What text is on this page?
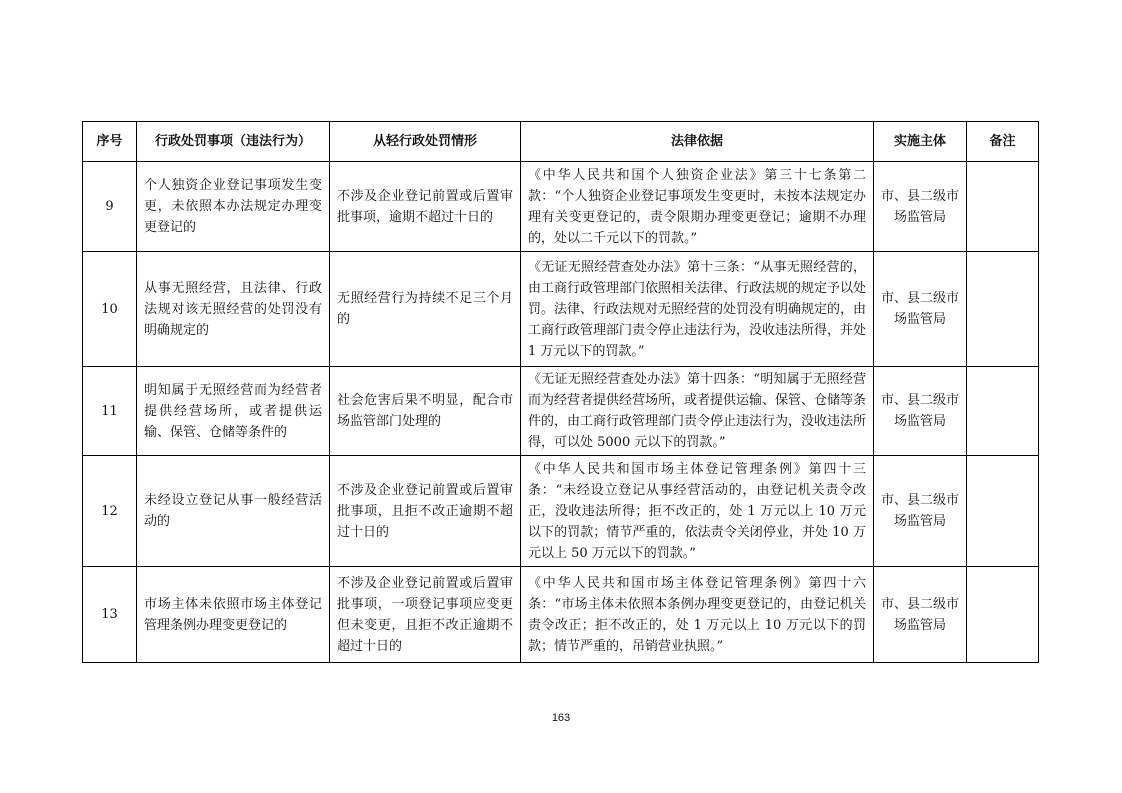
序号	行政处罚事项（违法行为）	从轻行政处罚情形	法律依据	实施主体	备注
9	个人独资企业登记事项发生变更，未依照本办法规定办理变更登记的	不涉及企业登记前置或后置审批事项，逾期不超过十日的	《中华人民共和国个人独资企业法》第三十七条第二款：“个人独资企业登记事项发生变更时，未按本法规定办理有关变更登记的，责令限期办理变更登记；逾期不办理的，处以二千元以下的罚款。”	市、县二级市场监管局	
10	从事无照经营，且法律、行政法规对该无照经营的处罚没有明确规定的	无照经营行为持续不足三个月的	《无证无照经营查处办法》第十三条：“从事无照经营的，由工商行政管理部门依照相关法律、行政法规的规定予以处罚。法律、行政法规对无照经营的处罚没有明确规定的，由工商行政管理部门责令停止违法行为，没收违法所得，并处 1 万元以下的罚款。”	市、县二级市场监管局	
11	明知属于无照经营而为经营者提供经营场所，或者提供运输、保管、仓储等条件的	社会危害后果不明显，配合市场监管部门处理的	《无证无照经营查处办法》第十四条：“明知属于无照经营而为经营者提供经营场所，或者提供运输、保管、仓储等条件的，由工商行政管理部门责令停止违法行为，没收违法所得，可以处 5000 元以下的罚款。”	市、县二级市场监管局	
12	未经设立登记从事一般经营活动的	不涉及企业登记前置或后置审批事项，且拒不改正逾期不超过十日的	《中华人民共和国市场主体登记管理条例》第四十三条：“未经设立登记从事经营活动的，由登记机关责令改正，没收违法所得；拒不改正的，处 1 万元以上 10 万元以下的罚款；情节严重的，依法责令关闭停业，并处 10 万元以上 50 万元以下的罚款。”	市、县二级市场监管局	
13	市场主体未依照市场主体登记管理条例办理变更登记的	不涉及企业登记前置或后置审批事项，一项登记事项应变更但未变更，且拒不改正逾期不超过十日的	《中华人民共和国市场主体登记管理条例》第四十六条：“市场主体未依照本条例办理变更登记的，由登记机关责令改正；拒不改正的，处 1 万元以上 10 万元以下的罚款；情节严重的，吊销营业执照。”	市、县二级市场监管局	
163
